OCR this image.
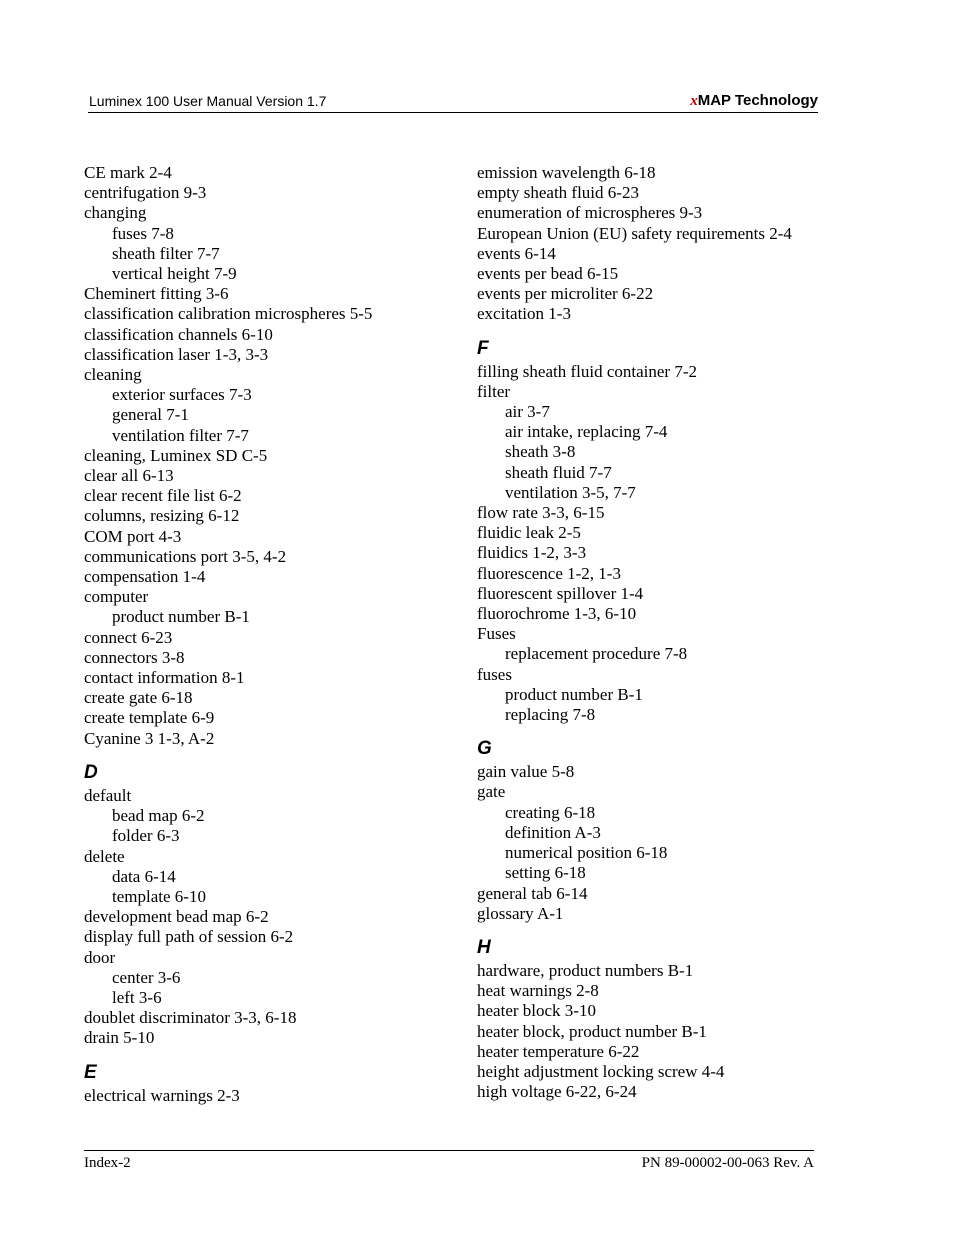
Luminex 100 User Manual Version 1.7	xMAP Technology
CE mark 2-4
centrifugation 9-3
changing
fuses 7-8
sheath filter 7-7
vertical height 7-9
Cheminert fitting 3-6
classification calibration microspheres 5-5
classification channels 6-10
classification laser 1-3, 3-3
cleaning
exterior surfaces 7-3
general 7-1
ventilation filter 7-7
cleaning, Luminex SD C-5
clear all 6-13
clear recent file list 6-2
columns, resizing 6-12
COM port 4-3
communications port 3-5, 4-2
compensation 1-4
computer
product number B-1
connect 6-23
connectors 3-8
contact information 8-1
create gate 6-18
create template 6-9
Cyanine 3 1-3, A-2
D
default
bead map 6-2
folder 6-3
delete
data 6-14
template 6-10
development bead map 6-2
display full path of session 6-2
door
center 3-6
left 3-6
doublet discriminator 3-3, 6-18
drain 5-10
E
electrical warnings 2-3
emission wavelength 6-18
empty sheath fluid 6-23
enumeration of microspheres 9-3
European Union (EU) safety requirements 2-4
events 6-14
events per bead 6-15
events per microliter 6-22
excitation 1-3
F
filling sheath fluid container 7-2
filter
air 3-7
air intake, replacing 7-4
sheath 3-8
sheath fluid 7-7
ventilation 3-5, 7-7
flow rate 3-3, 6-15
fluidic leak 2-5
fluidics 1-2, 3-3
fluorescence 1-2, 1-3
fluorescent spillover 1-4
fluorochrome 1-3, 6-10
Fuses
replacement procedure 7-8
fuses
product number B-1
replacing 7-8
G
gain value 5-8
gate
creating 6-18
definition A-3
numerical position 6-18
setting 6-18
general tab 6-14
glossary A-1
H
hardware, product numbers B-1
heat warnings 2-8
heater block 3-10
heater block, product number B-1
heater temperature 6-22
height adjustment locking screw 4-4
high voltage 6-22, 6-24
Index-2	PN 89-00002-00-063 Rev. A
